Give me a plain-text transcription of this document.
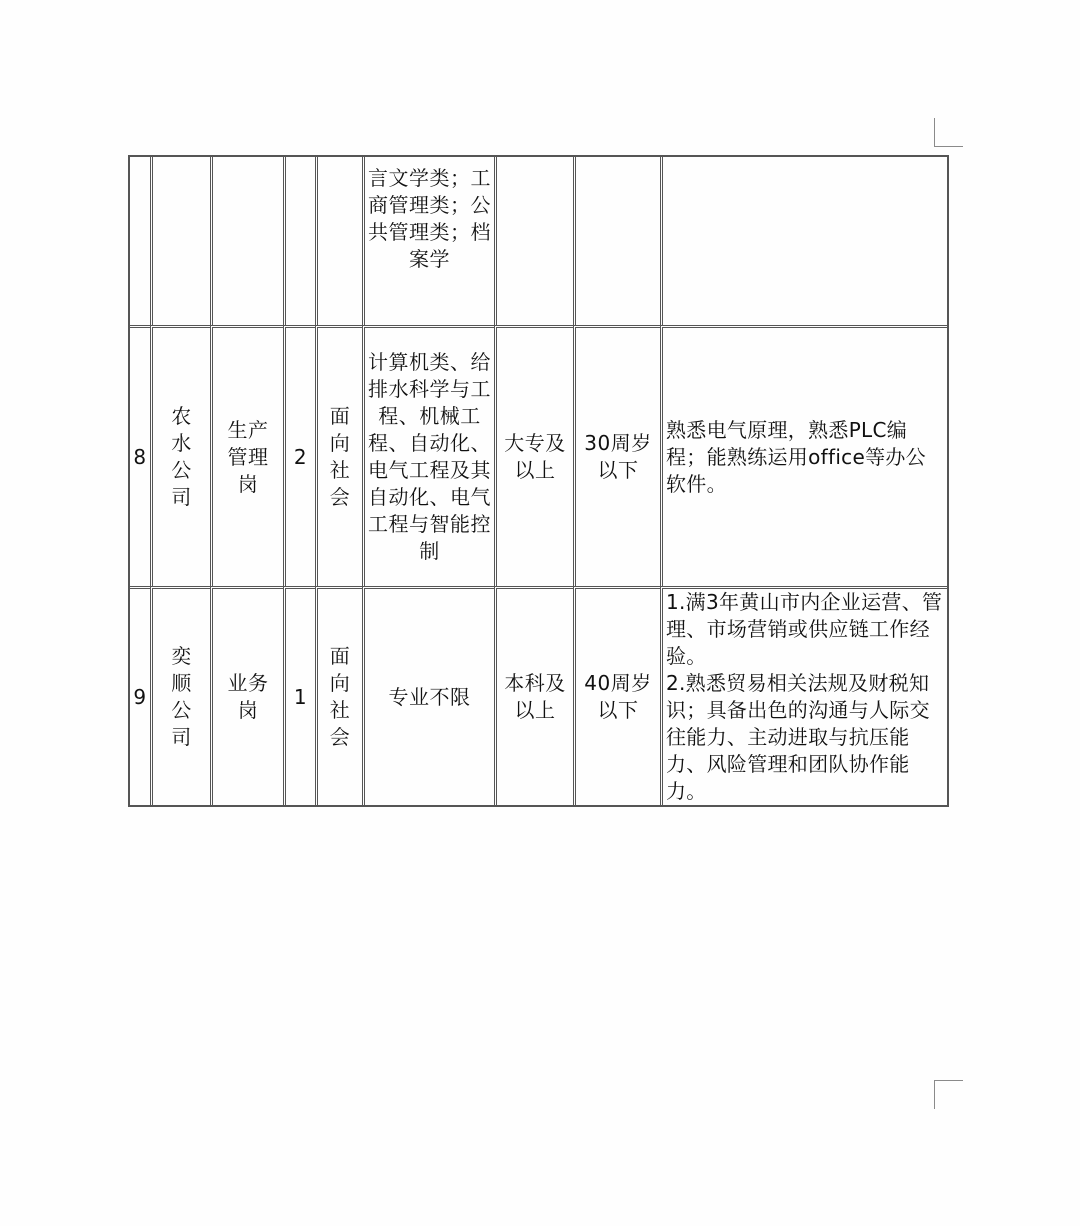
					言文学类；工商管理类；公共管理类；档案学			
8	农水公司	生产管理岗	2	面向社会	计算机类、给排水科学与工程、机械工程、自动化、电气工程及其自动化、电气工程与智能控制	大专及以上	30周岁以下	熟悉电气原理，熟悉PLC编程；能熟练运用office等办公软件。
9	奕顺公司	业务岗	1	面向社会	专业不限	本科及以上	40周岁以下	1.满3年黄山市内企业运营、管理、市场营销或供应链工作经验。
2.熟悉贸易相关法规及财税知识；具备出色的沟通与人际交往能力、主动进取与抗压能力、风险管理和团队协作能力。
